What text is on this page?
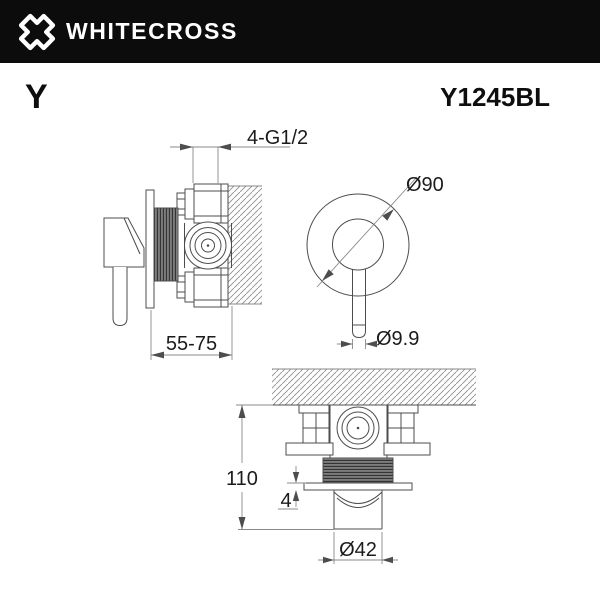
WHITECROSS
Y	Y1245BL
4-G1/2
55-75
Ø90
Ø9.9
110
4
Ø42
